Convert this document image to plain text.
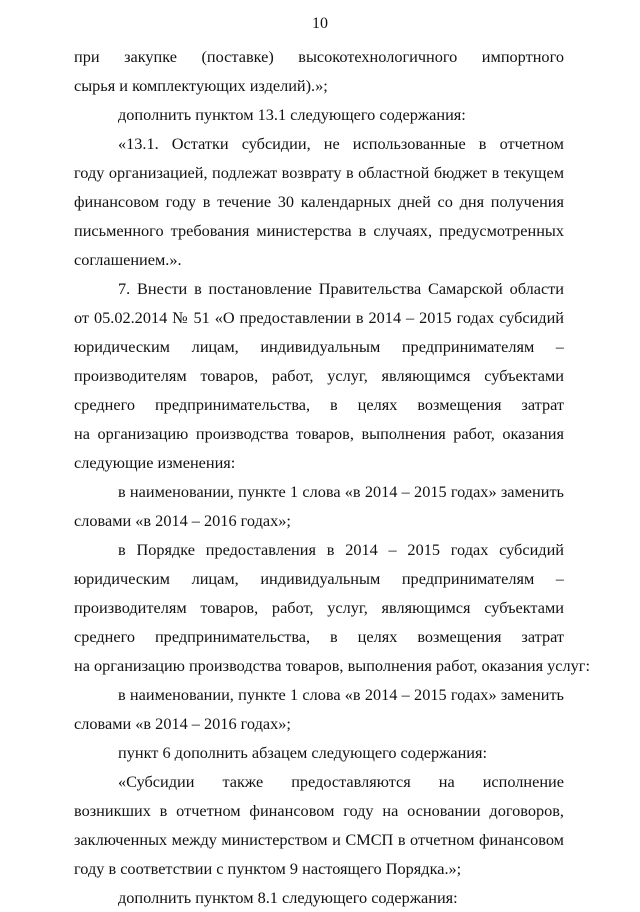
10
при закупке (поставке) высокотехнологичного импортного
сырья и комплектующих изделий).»;
дополнить пунктом 13.1 следующего содержания:
«13.1. Остатки субсидии, не использованные в отчетном
году организацией, подлежат возврату в областной бюджет в текущем
финансовом году в течение 30 календарных дней со дня получения
письменного требования министерства в случаях, предусмотренных
соглашением.».
7. Внести в постановление Правительства Самарской области
от 05.02.2014 № 51 «О предоставлении в 2014 – 2015 годах субсидий
юридическим лицам, индивидуальным предпринимателям –
производителям товаров, работ, услуг, являющимся субъектами
среднего предпринимательства, в целях возмещения затрат
на организацию производства товаров, выполнения работ, оказания
следующие изменения:
в наименовании, пункте 1 слова «в 2014 – 2015 годах» заменить
словами «в 2014 – 2016 годах»;
в Порядке предоставления в 2014 – 2015 годах субсидий
юридическим лицам, индивидуальным предпринимателям –
производителям товаров, работ, услуг, являющимся субъектами
среднего предпринимательства, в целях возмещения затрат
на организацию производства товаров, выполнения работ, оказания услуг:
в наименовании, пункте 1 слова «в 2014 – 2015 годах» заменить
словами «в 2014 – 2016 годах»;
пункт 6 дополнить абзацем следующего содержания:
«Субсидии также предоставляются на исполнение
возникших в отчетном финансовом году на основании договоров,
заключенных между министерством и СМСП в отчетном финансовом
году в соответствии с пунктом 9 настоящего Порядка.»;
дополнить пунктом 8.1 следующего содержания:
